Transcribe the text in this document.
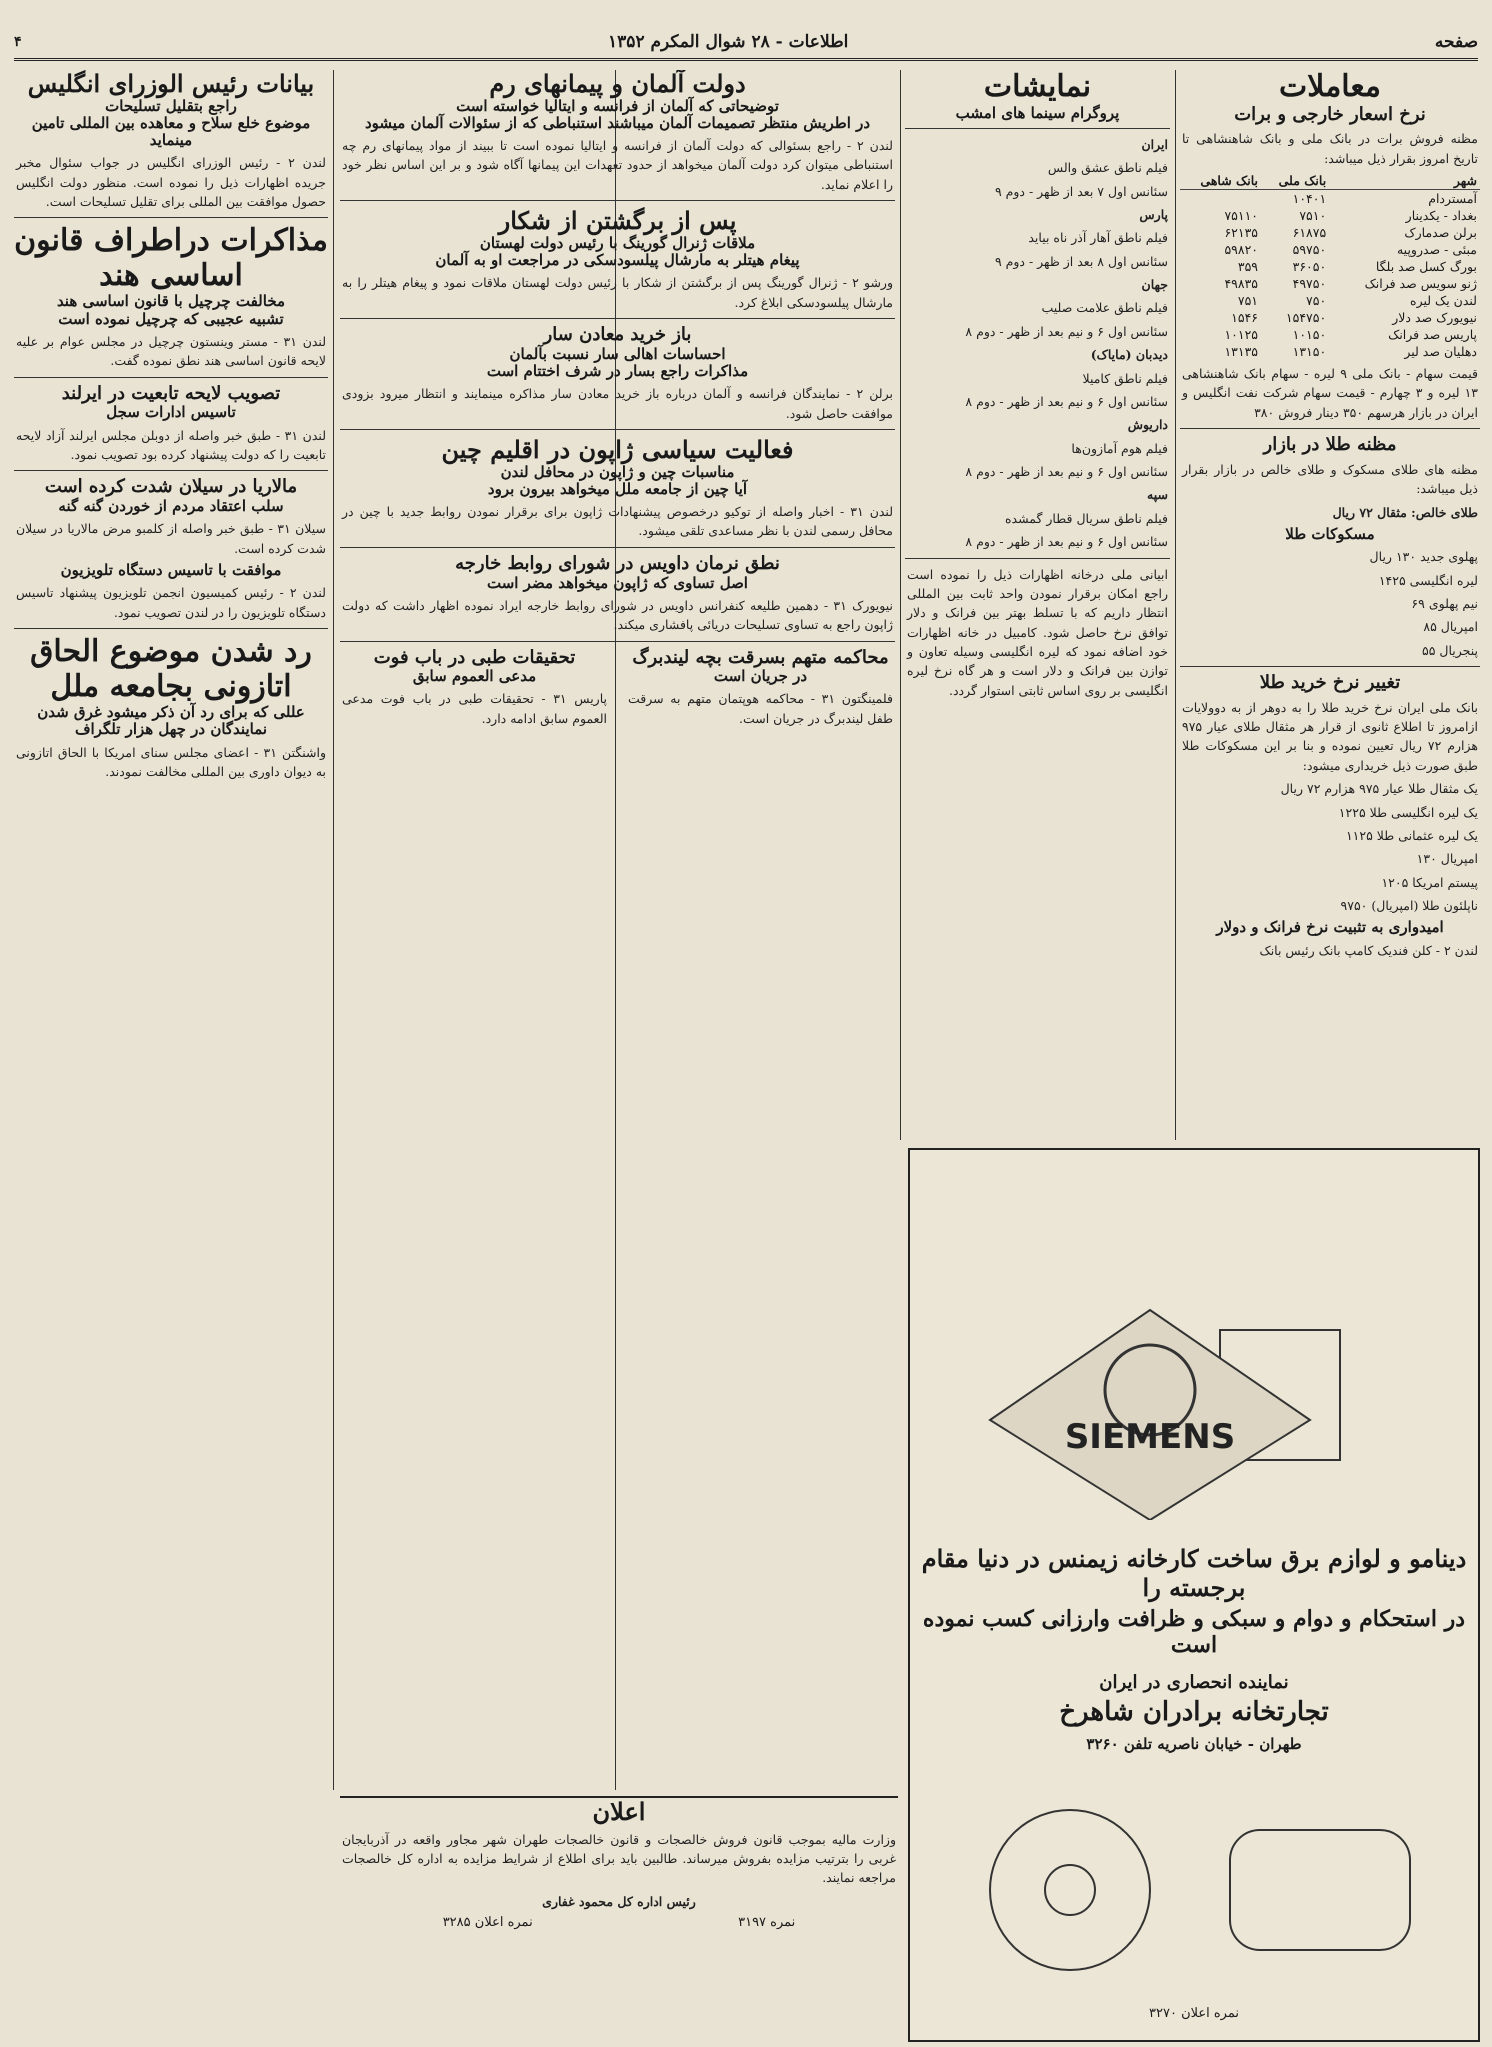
صفحه
اطلاعات - ۲۸ شوال المکرم ۱۳۵۲
۴

معاملات

نرخ اسعار خارجی و برات

مظنه فروش برات در بانک ملی و بانک شاهنشاهی تا تاریخ امروز بقرار ذیل میباشد:

شهر	بانک ملی	بانک شاهی
آمستردام	۱۰۴۰۱	
بغداد - یکدینار	۷۵۱۰	۷۵۱۱۰
برلن صدمارک	۶۱۸۷۵	۶۲۱۳۵
مبئی - صدروپیه	۵۹۷۵۰	۵۹۸۲۰
بورگ کسل صد بلگا	۳۶۰۵۰	۳۵۹
ژنو سویس صد فرانک	۴۹۷۵۰	۴۹۸۳۵
لندن یک لیره	۷۵۰	۷۵۱
نیویورک صد دلار	۱۵۴۷۵۰	۱۵۴۶
پاریس صد فرانک	۱۰۱۵۰	۱۰۱۲۵
دهلیان صد لیر	۱۳۱۵۰	۱۳۱۳۵

قیمت سهام - بانک ملی ۹ لیره - سهام بانک شاهنشاهی ۱۳ لیره و ۳ چهارم - قیمت سهام شرکت نفت انگلیس و ایران در بازار هرسهم ۳۵۰ دینار فروش ۳۸۰

مظنه طلا در بازار

مظنه های طلای مسکوک و طلای خالص در بازار بقرار ذیل میباشد:

طلای خالص: مثقال ۷۲ ریال

مسکوکات طلا

پهلوی جدید ۱۳۰ ریال

لیره انگلیسی ۱۴۲۵

نیم پهلوی ۶۹

امپریال ۸۵

پنجریال ۵۵

تغییر نرخ خرید طلا

بانک ملی ایران نرخ خرید طلا را به دوهر از به دوولایات ازامروز تا اطلاع ثانوی از قرار هر مثقال طلای عیار ۹۷۵ هزارم ۷۲ ریال تعیین نموده و بنا بر این مسکوکات طلا طبق صورت ذیل خریداری میشود:

یک مثقال طلا عیار ۹۷۵ هزارم ۷۲ ریال

یک لیره انگلیسی طلا ۱۲۲۵

یک لیره عثمانی طلا ۱۱۲۵

امپریال ۱۳۰

پیستم امریکا ۱۲۰۵

ناپلئون طلا (امپریال) ۹۷۵۰

امیدواری به تثبیت نرخ فرانک و دولار

لندن ۲ - کلن فندیک کامپ بانک رئیس بانک

نمایشات

پروگرام سینما های امشب

ایران

فیلم ناطق عشق والس

سئانس اول ۷ بعد از ظهر - دوم ۹

پارس

فیلم ناطق آهار آذر ناه بیاید

سئانس اول ۸ بعد از ظهر - دوم ۹

جهان

فیلم ناطق علامت صلیب

سئانس اول ۶ و نیم بعد از ظهر - دوم ۸

دیدبان (مایاک)

فیلم ناطق کامیلا

سئانس اول ۶ و نیم بعد از ظهر - دوم ۸

داریوش

فیلم هوم آمازون‌ها

سئانس اول ۶ و نیم بعد از ظهر - دوم ۸

سپه

فیلم ناطق سریال قطار گمشده

سئانس اول ۶ و نیم بعد از ظهر - دوم ۸

ابیانی ملی درخانه اظهارات ذیل را نموده است راجع امکان برقرار نمودن واحد ثابت بین المللی انتظار داریم که با تسلط بهتر بین فرانک و دلار توافق نرخ حاصل شود. کامبیل در خانه اظهارات خود اضافه نمود که لیره انگلیسی وسیله تعاون و توازن بین فرانک و دلار است و هر گاه نرخ لیره انگلیسی بر روی اساس ثابتی استوار گردد.

دولت آلمان و پیمانهای رم

توضیحاتی که آلمان از فرانسه و ایتالیا خواسته است

در اطریش منتظر تصمیمات آلمان میباشند استنباطی که از سئوالات آلمان میشود

لندن ۲ - راجع بسئوالی که دولت آلمان از فرانسه و ایتالیا نموده است تا ببیند از مواد پیمانهای رم چه استنباطی میتوان کرد دولت آلمان میخواهد از حدود تعهدات این پیمانها آگاه شود و بر این اساس نظر خود را اعلام نماید.

پس از برگشتن از شکار

ملاقات ژنرال گورینگ با رئیس دولت لهستان

پیغام هیتلر به مارشال پیلسودسکی در مراجعت او به آلمان

ورشو ۲ - ژنرال گورینگ پس از برگشتن از شکار با رئیس دولت لهستان ملاقات نمود و پیغام هیتلر را به مارشال پیلسودسکی ابلاغ کرد.

باز خرید معادن سار

احساسات اهالی سار نسبت بآلمان

مذاکرات راجع بسار در شرف اختتام است

برلن ۲ - نمایندگان فرانسه و آلمان درباره باز خرید معادن سار مذاکره مینمایند و انتظار میرود بزودی موافقت حاصل شود.

فعالیت سیاسی ژاپون در اقلیم چین

مناسبات چین و ژاپون در محافل لندن

آیا چین از جامعه ملل میخواهد بیرون برود

لندن ۳۱ - اخبار واصله از توکیو درخصوص پیشنهادات ژاپون برای برقرار نمودن روابط جدید با چین در محافل رسمی لندن با نظر مساعدی تلقی میشود.

نطق نرمان داویس در شورای روابط خارجه

اصل تساوی که ژاپون میخواهد مضر است

نیویورک ۳۱ - دهمین طلیعه کنفرانس داویس در شورای روابط خارجه ایراد نموده اظهار داشت که دولت ژاپون راجع به تساوی تسلیحات دریائی پافشاری میکند.

محاکمه متهم بسرقت بچه لیندبرگ

در جریان است

فلمینگتون ۳۱ - محاکمه هوپتمان متهم به سرقت طفل لیندبرگ در جریان است.

تحقیقات طبی در باب فوت

مدعی العموم سابق

پاریس ۳۱ - تحقیقات طبی در باب فوت مدعی العموم سابق ادامه دارد.

بیانات رئیس الوزرای انگلیس

راجع بتقلیل تسلیحات

موضوع خلع سلاح و معاهده بین المللی تامین مینماید

لندن ۲ - رئیس الوزرای انگلیس در جواب سئوال مخبر جریده اظهارات ذیل را نموده است. منظور دولت انگلیس حصول موافقت بین المللی برای تقلیل تسلیحات است.

مذاکرات دراطراف قانون اساسی هند

مخالفت چرچیل با قانون اساسی هند

تشبیه عجیبی که چرچیل نموده است

لندن ۳۱ - مستر وینستون چرچیل در مجلس عوام بر علیه لایحه قانون اساسی هند نطق نموده گفت.

تصویب لایحه تابعیت در ایرلند

تاسیس ادارات سجل

لندن ۳۱ - طبق خبر واصله از دوبلن مجلس ایرلند آزاد لایحه تابعیت را که دولت پیشنهاد کرده بود تصویب نمود.

مالاریا در سیلان شدت کرده است

سلب اعتقاد مردم از خوردن گنه گنه

سیلان ۳۱ - طبق خبر واصله از کلمبو مرض مالاریا در سیلان شدت کرده است.

موافقت با تاسیس دستگاه تلویزیون

لندن ۲ - رئیس کمیسیون انجمن تلویزیون پیشنهاد تاسیس دستگاه تلویزیون را در لندن تصویب نمود.

رد شدن موضوع الحاق اتازونی بجامعه ملل

عللی که برای رد آن ذکر میشود غرق شدن نمایندگان در چهل هزار تلگراف

واشنگتن ۳۱ - اعضای مجلس سنای امریکا با الحاق اتازونی به دیوان داوری بین المللی مخالفت نمودند.

SIEMENS

دینامو و لوازم برق ساخت کارخانه زیمنس در دنیا مقام برجسته را

در استحکام و دوام و سبکی و ظرافت وارزانی کسب نموده است

نماینده انحصاری در ایران

تجارتخانه برادران شاهرخ

طهران - خیابان ناصریه تلفن ۳۲۶۰

نمره اعلان ۳۲۷۰

اعلان

وزارت مالیه بموجب قانون فروش خالصجات و قانون خالصجات طهران شهر مجاور واقعه در آذربایجان غربی را بترتیب مزایده بفروش میرساند. طالبین باید برای اطلاع از شرایط مزایده به اداره کل خالصجات مراجعه نمایند.

رئیس اداره کل محمود غفاری

نمره ۳۱۹۷
نمره اعلان ۳۲۸۵
